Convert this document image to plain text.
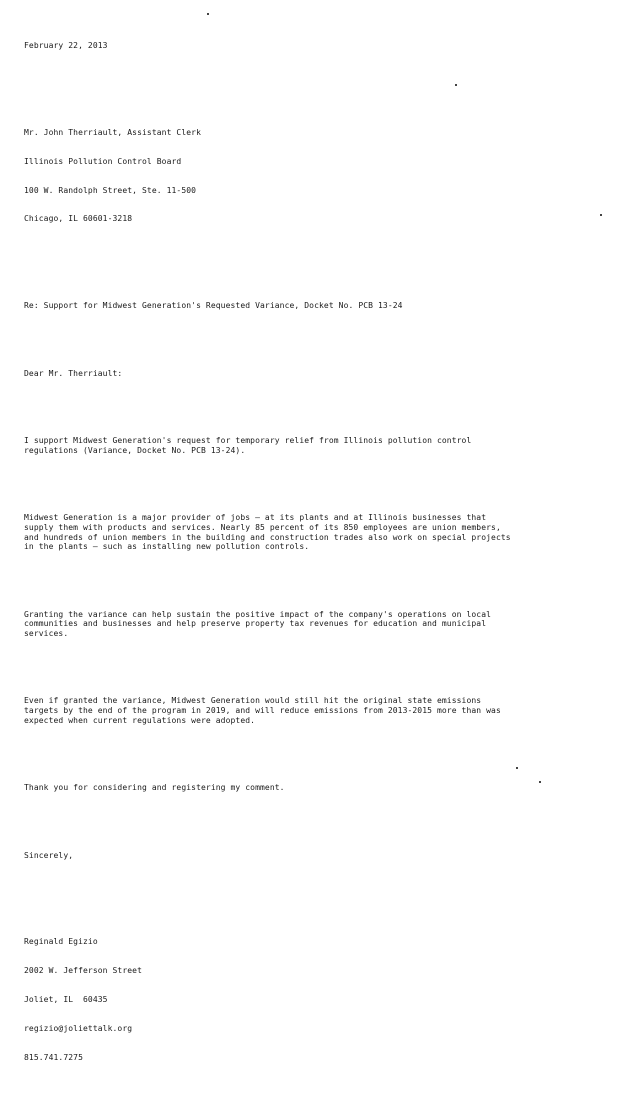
February 22, 2013

Mr. John Therriault, Assistant Clerk

Illinois Pollution Control Board

100 W. Randolph Street, Ste. 11-500

Chicago, IL 60601-3218

Re: Support for Midwest Generation's Requested Variance, Docket No. PCB 13-24

Dear Mr. Therriault:

I support Midwest Generation's request for temporary relief from Illinois pollution control
regulations (Variance, Docket No. PCB 13-24).

Midwest Generation is a major provider of jobs – at its plants and at Illinois businesses that
supply them with products and services. Nearly 85 percent of its 850 employees are union members,
and hundreds of union members in the building and construction trades also work on special projects
in the plants – such as installing new pollution controls.

Granting the variance can help sustain the positive impact of the company's operations on local
communities and businesses and help preserve property tax revenues for education and municipal
services.

Even if granted the variance, Midwest Generation would still hit the original state emissions
targets by the end of the program in 2019, and will reduce emissions from 2013-2015 more than was
expected when current regulations were adopted.

Thank you for considering and registering my comment.

Sincerely,

Reginald Egizio

2002 W. Jefferson Street

Joliet, IL  60435

regizio@joliettalk.org

815.741.7275
